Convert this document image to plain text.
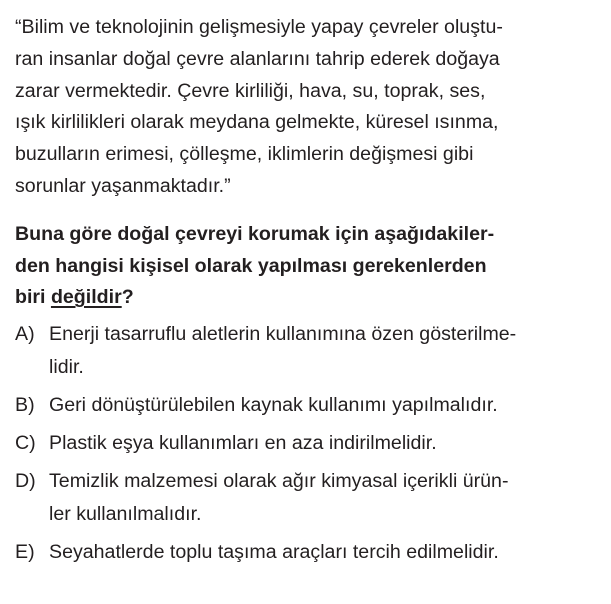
“Bilim ve teknolojinin gelişmesiyle yapay çevreler oluştu-
ran insanlar doğal çevre alanlarını tahrip ederek doğaya
zarar vermektedir. Çevre kirliliği, hava, su, toprak, ses,
ışık kirlilikleri olarak meydana gelmekte, küresel ısınma,
buzulların erimesi, çölleşme, iklimlerin değişmesi gibi
sorunlar yaşanmaktadır.”

Buna göre doğal çevreyi korumak için aşağıdakiler-
den hangisi kişisel olarak yapılması gerekenlerden
biri değildir?
A) Enerji tasarruflu aletlerin kullanımına özen gösterilme-
lidir.
B) Geri dönüştürülebilen kaynak kullanımı yapılmalıdır.
C) Plastik eşya kullanımları en aza indirilmelidir.
D) Temizlik malzemesi olarak ağır kimyasal içerikli ürün-
ler kullanılmalıdır.
E) Seyahatlerde toplu taşıma araçları tercih edilmelidir.
